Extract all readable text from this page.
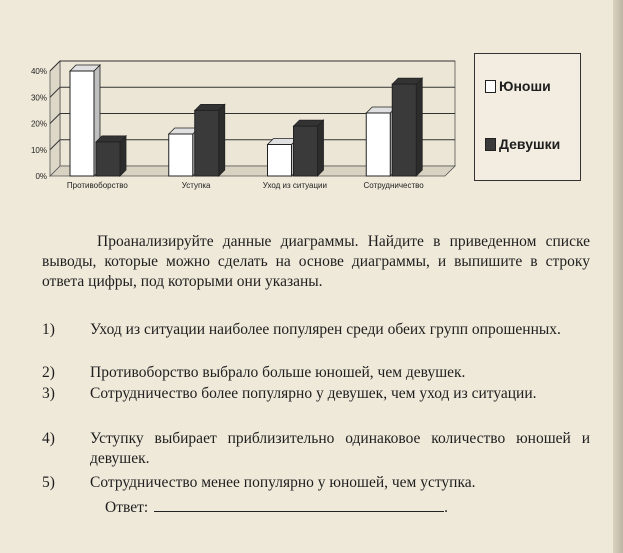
0%
10%
20%
30%
40%
Противоборство	Уступка	Уход из ситуации	Сотрудничество
Юноши
Девушки
Проанализируйте данные диаграммы. Найдите в приведенном списке выводы, которые можно сделать на основе диаграммы, и выпишите в строку ответа цифры, под которыми они указаны.
1) Уход из ситуации наиболее популярен среди обеих групп опрошенных.
2) Противоборство выбрало больше юношей, чем девушек.
3) Сотрудничество более популярно у девушек, чем уход из ситуации.
4) Уступку выбирает приблизительно одинаковое количество юношей и девушек.
5) Сотрудничество менее популярно у юношей, чем уступка.
Ответ:	.
